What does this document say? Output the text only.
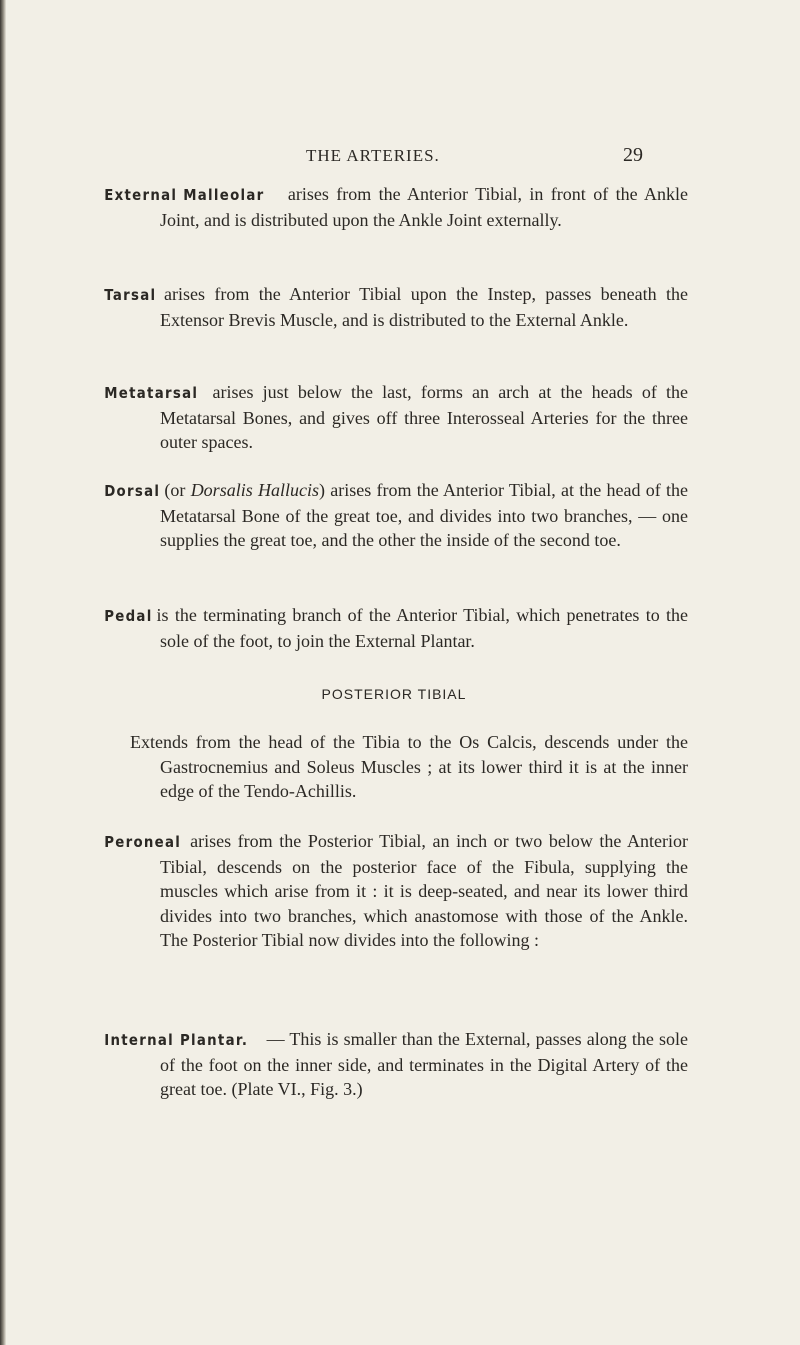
THE ARTERIES.	29

External Malleolar arises from the Anterior Tibial, in front of the Ankle Joint, and is distributed upon the Ankle Joint externally.

Tarsal arises from the Anterior Tibial upon the Instep, passes beneath the Extensor Brevis Muscle, and is distributed to the External Ankle.

Metatarsal arises just below the last, forms an arch at the heads of the Metatarsal Bones, and gives off three Interosseal Arteries for the three outer spaces.

Dorsal (or Dorsalis Hallucis) arises from the Anterior Tibial, at the head of the Metatarsal Bone of the great toe, and divides into two branches, — one supplies the great toe, and the other the inside of the second toe.

Pedal is the terminating branch of the Anterior Tibial, which penetrates to the sole of the foot, to join the External Plantar.

POSTERIOR TIBIAL

Extends from the head of the Tibia to the Os Calcis, descends under the Gastrocnemius and Soleus Muscles ; at its lower third it is at the inner edge of the Tendo-Achillis.

Peroneal arises from the Posterior Tibial, an inch or two below the Anterior Tibial, descends on the posterior face of the Fibula, supplying the muscles which arise from it : it is deep-seated, and near its lower third divides into two branches, which anastomose with those of the Ankle. The Posterior Tibial now divides into the following :

Internal Plantar. — This is smaller than the External, passes along the sole of the foot on the inner side, and terminates in the Digital Artery of the great toe. (Plate VI., Fig. 3.)
